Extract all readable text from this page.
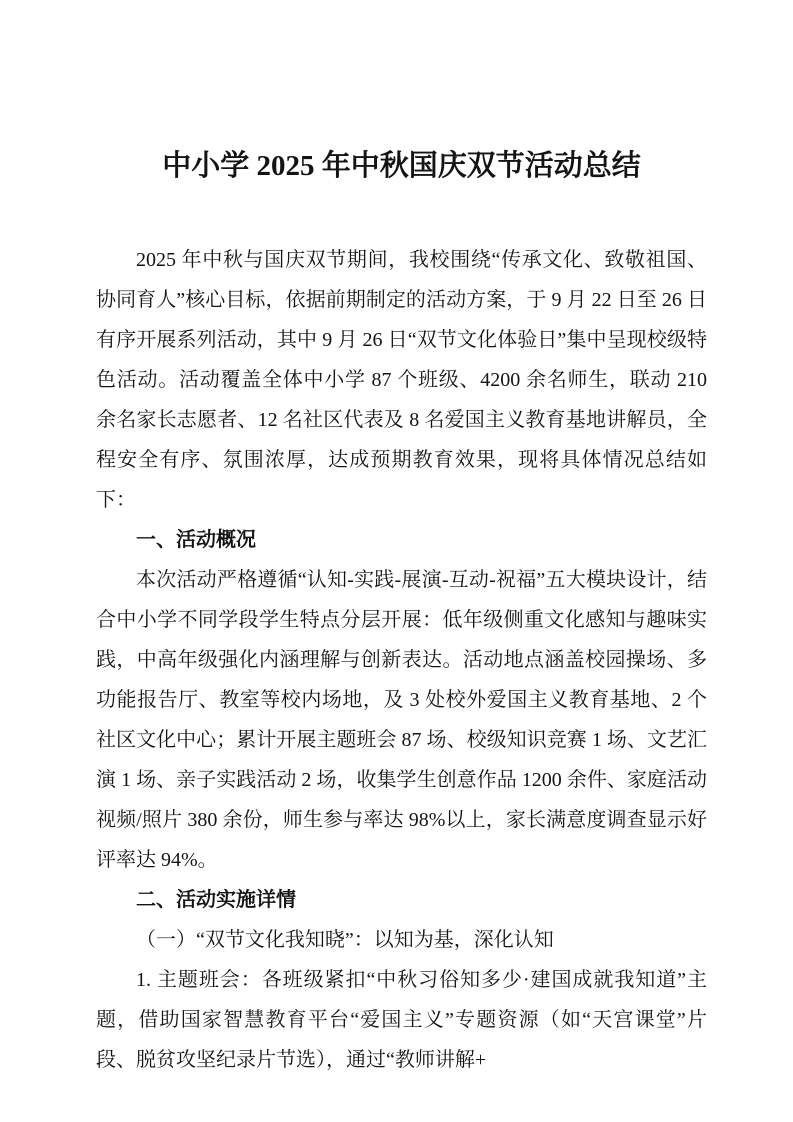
中小学 2025 年中秋国庆双节活动总结

2025 年中秋与国庆双节期间，我校围绕“传承文化、致敬祖国、协同育人”核心目标，依据前期制定的活动方案，于 9 月 22 日至 26 日有序开展系列活动，其中 9 月 26 日“双节文化体验日”集中呈现校级特色活动。活动覆盖全体中小学 87 个班级、4200 余名师生，联动 210 余名家长志愿者、12 名社区代表及 8 名爱国主义教育基地讲解员，全程安全有序、氛围浓厚，达成预期教育效果，现将具体情况总结如下：

一、活动概况

本次活动严格遵循“认知-实践-展演-互动-祝福”五大模块设计，结合中小学不同学段学生特点分层开展：低年级侧重文化感知与趣味实践，中高年级强化内涵理解与创新表达。活动地点涵盖校园操场、多功能报告厅、教室等校内场地，及 3 处校外爱国主义教育基地、2 个社区文化中心；累计开展主题班会 87 场、校级知识竞赛 1 场、文艺汇演 1 场、亲子实践活动 2 场，收集学生创意作品 1200 余件、家庭活动视频/照片 380 余份，师生参与率达 98%以上，家长满意度调查显示好评率达 94%。

二、活动实施详情

（一）“双节文化我知晓”：以知为基，深化认知

1. 主题班会：各班级紧扣“中秋习俗知多少·建国成就我知道”主题，借助国家智慧教育平台“爱国主义”专题资源（如“天宫课堂”片段、脱贫攻坚纪录片节选），通过“教师讲解+
